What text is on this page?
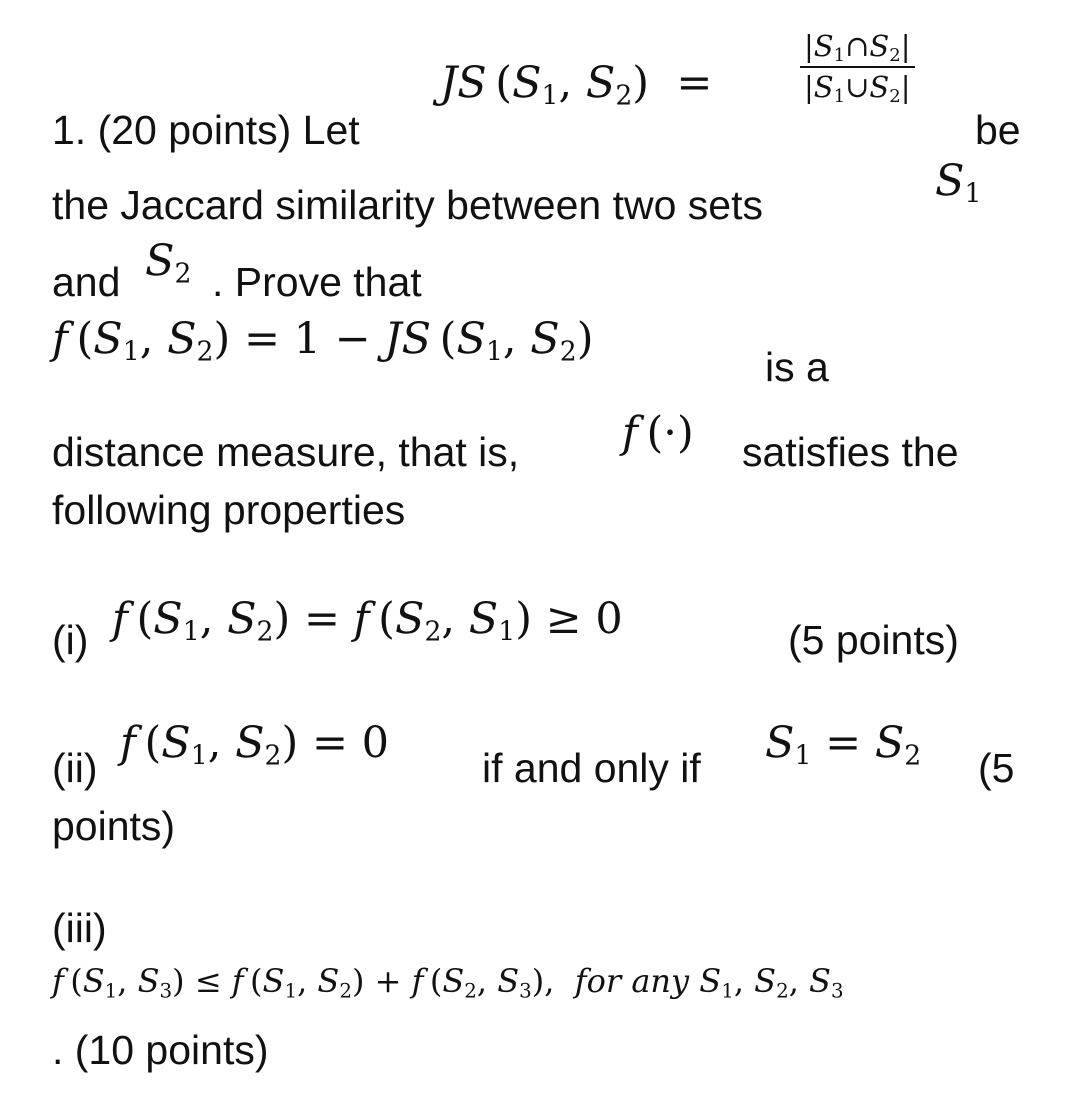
1. (20 points) Let
JS ($S_1$, $S_2$)  =	$\frac{|S_1\cap S_2|}{|S_1\cup S_2|}$
be
the Jaccard similarity between two sets	$S_1$
and $S_2$ . Prove that
f ($S_1$, $S_2) = 1$ − JS ($S_1$, $S_2$)
is a
distance measure, that is, f (·) satisfies the
following properties
(i) f ($S_1$, $S_2) = f$ ($S_2$, $S_1) \ge 0$	(5 points)
(ii) f ($S_1$, $S_2) = 0$ if and only if $S_1 = S_2$ (5
points)
(iii)
f ($S_1$, $S_3) \le f$ ($S_1$, $S_2) + f$ ($S_2$, $S_3$),  for any $S_1$, $S_2$, $S_3$
. (10 points)
